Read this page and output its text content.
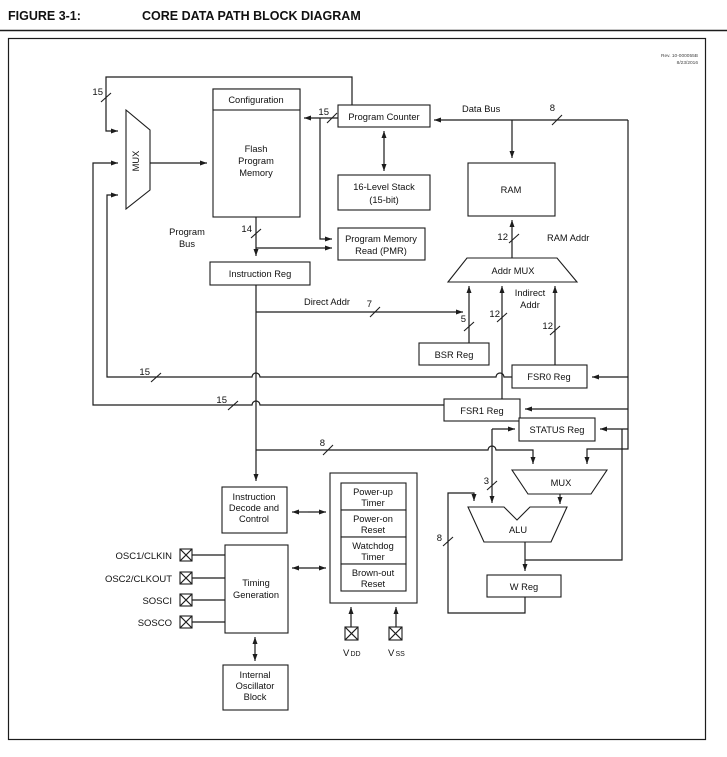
FIGURE 3-1:	CORE DATA PATH BLOCK DIAGRAM
Rev. 10-000055B
8/23/2016
15
15
15
15
14
12
12
12
8
8
8
7
5
3
Data Bus
Program
Bus
RAM Addr
Direct Addr
Indirect
Addr
Configuration
Flash
Program
Memory
MUX
Program Counter
16-Level Stack
(15-bit)
Program Memory
Read (PMR)
RAM
Instruction Reg	Addr MUX
BSR Reg
FSR0 Reg
FSR1 Reg
STATUS Reg
MUX
ALU
W Reg
Instruction
Decode and
Control
Timing
Generation
Power-up
Timer
Power-on
Reset
Watchdog
Timer
Brown-out
Reset
Internal
Oscillator
Block
OSC1/CLKIN
OSC2/CLKOUT
SOSCI
SOSCO
V DD	V SS
